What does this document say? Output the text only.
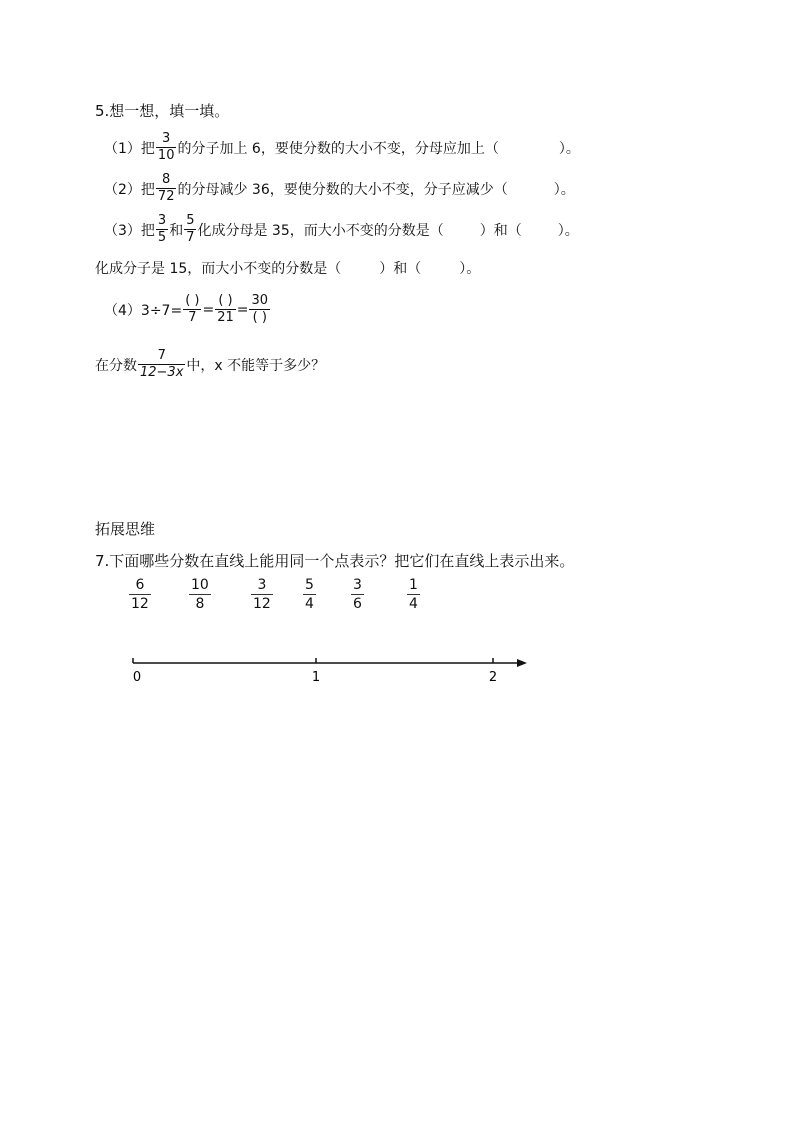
5.想一想，填一填。
（1）把 $\frac{3}{10}$ 的分子加上 6，要使分数的大小不变，分母应加上（	）。
（2）把 $\frac{8}{72}$ 的分母减少 36，要使分数的大小不变，分子应减少（	）。
（3）把 $\frac{3}{5}$ 和 $\frac{5}{7}$ 化成分母是 35，而大小不变的分数是（	）和（	）。
化成分子是 15，而大小不变的分数是（	）和（	）。
$(4)3\div 7= \frac{( )}{7} = \frac{( )}{21} = \frac{30}{( )}$
在分数 $\frac{7}{12-3x}$ 中，x 不能等于多少？
拓展思维
7.下面哪些分数在直线上能用同一个点表示？把它们在直线上表示出来。
6
12
10
8
3
12
5
4
3
6
1
4
0	1	2
